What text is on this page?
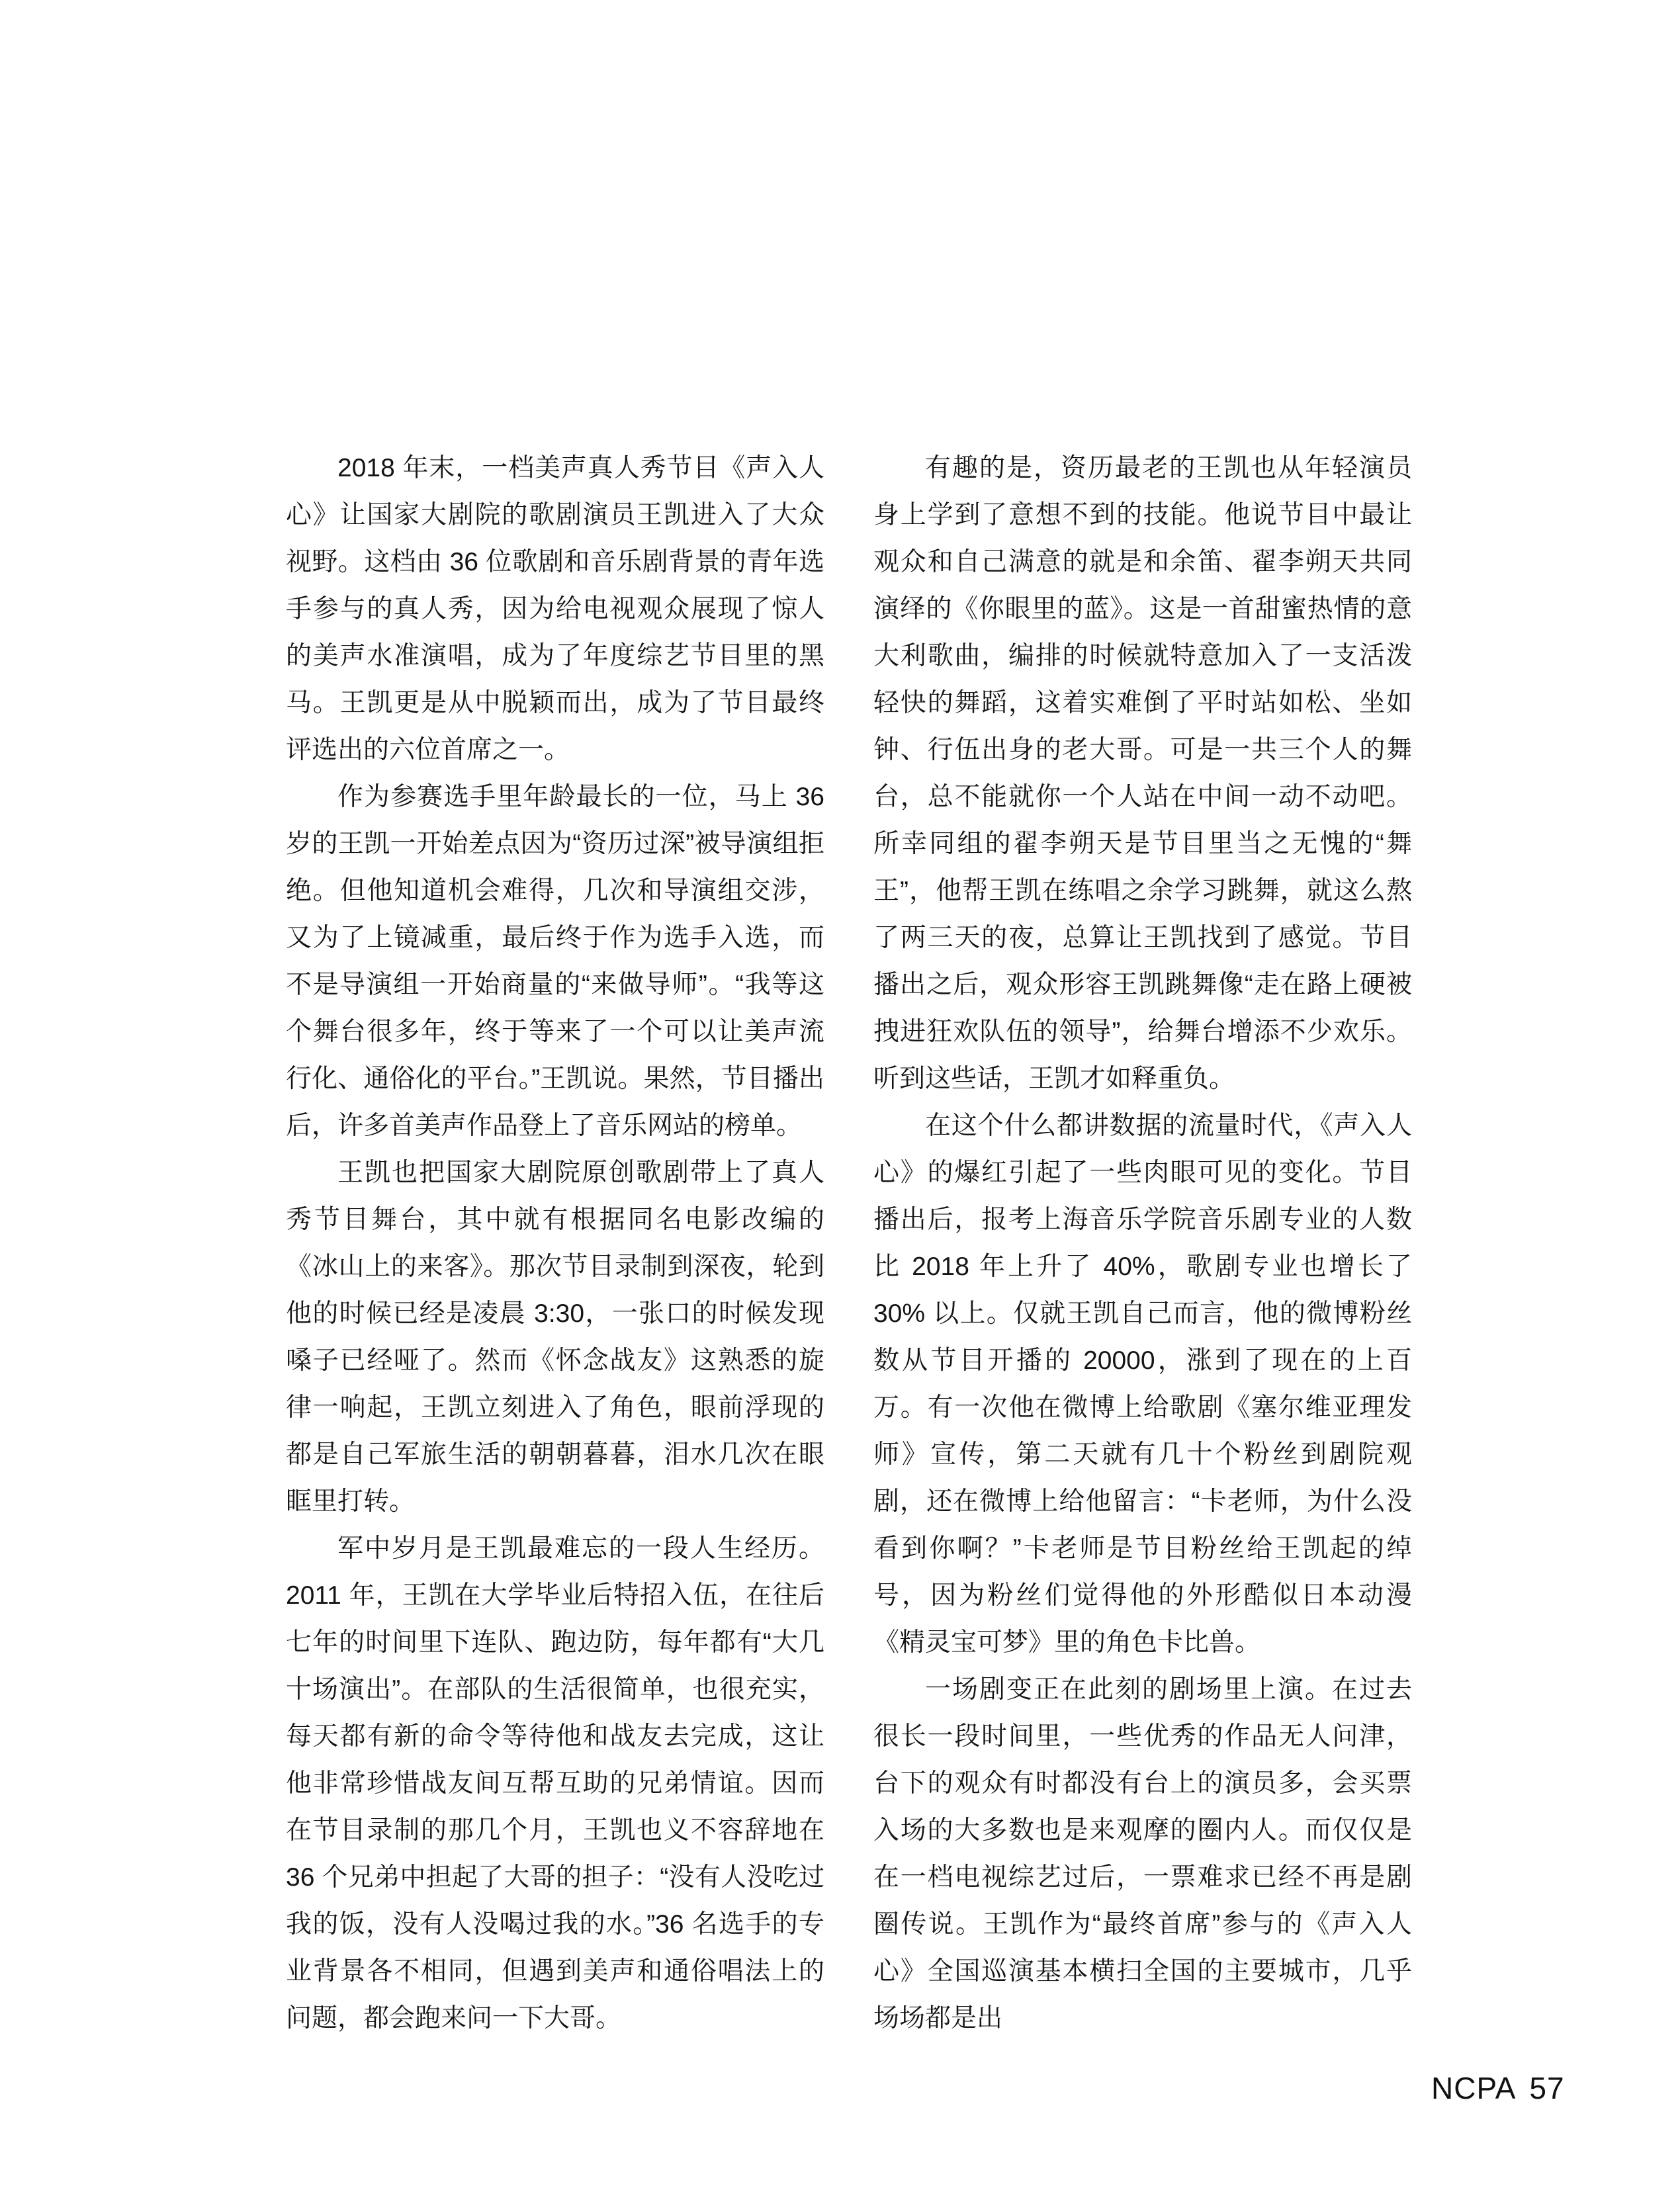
2018 年末，一档美声真人秀节目《声入人心》让国家大剧院的歌剧演员王凯进入了大众视野。这档由 36 位歌剧和音乐剧背景的青年选手参与的真人秀，因为给电视观众展现了惊人的美声水准演唱，成为了年度综艺节目里的黑马。王凯更是从中脱颖而出，成为了节目最终评选出的六位首席之一。

作为参赛选手里年龄最长的一位，马上 36 岁的王凯一开始差点因为“资历过深”被导演组拒绝。但他知道机会难得，几次和导演组交涉，又为了上镜减重，最后终于作为选手入选，而不是导演组一开始商量的“来做导师”。“我等这个舞台很多年，终于等来了一个可以让美声流行化、通俗化的平台。”王凯说。果然，节目播出后，许多首美声作品登上了音乐网站的榜单。

王凯也把国家大剧院原创歌剧带上了真人秀节目舞台，其中就有根据同名电影改编的《冰山上的来客》。那次节目录制到深夜，轮到他的时候已经是凌晨 3:30，一张口的时候发现嗓子已经哑了。然而《怀念战友》这熟悉的旋律一响起，王凯立刻进入了角色，眼前浮现的都是自己军旅生活的朝朝暮暮，泪水几次在眼眶里打转。

军中岁月是王凯最难忘的一段人生经历。2011 年，王凯在大学毕业后特招入伍，在往后七年的时间里下连队、跑边防，每年都有“大几十场演出”。在部队的生活很简单，也很充实，每天都有新的命令等待他和战友去完成，这让他非常珍惜战友间互帮互助的兄弟情谊。因而在节目录制的那几个月，王凯也义不容辞地在 36 个兄弟中担起了大哥的担子：“没有人没吃过我的饭，没有人没喝过我的水。”36 名选手的专业背景各不相同，但遇到美声和通俗唱法上的问题，都会跑来问一下大哥。

有趣的是，资历最老的王凯也从年轻演员身上学到了意想不到的技能。他说节目中最让观众和自己满意的就是和余笛、翟李朔天共同演绎的《你眼里的蓝》。这是一首甜蜜热情的意大利歌曲，编排的时候就特意加入了一支活泼轻快的舞蹈，这着实难倒了平时站如松、坐如钟、行伍出身的老大哥。可是一共三个人的舞台，总不能就你一个人站在中间一动不动吧。所幸同组的翟李朔天是节目里当之无愧的“舞王”，他帮王凯在练唱之余学习跳舞，就这么熬了两三天的夜，总算让王凯找到了感觉。节目播出之后，观众形容王凯跳舞像“走在路上硬被拽进狂欢队伍的领导”，给舞台增添不少欢乐。听到这些话，王凯才如释重负。

在这个什么都讲数据的流量时代，《声入人心》的爆红引起了一些肉眼可见的变化。节目播出后，报考上海音乐学院音乐剧专业的人数比 2018 年上升了 40%，歌剧专业也增长了 30% 以上。仅就王凯自己而言，他的微博粉丝数从节目开播的 20000，涨到了现在的上百万。有一次他在微博上给歌剧《塞尔维亚理发师》宣传，第二天就有几十个粉丝到剧院观剧，还在微博上给他留言：“卡老师，为什么没看到你啊？”卡老师是节目粉丝给王凯起的绰号，因为粉丝们觉得他的外形酷似日本动漫《精灵宝可梦》里的角色卡比兽。

一场剧变正在此刻的剧场里上演。在过去很长一段时间里，一些优秀的作品无人问津，台下的观众有时都没有台上的演员多，会买票入场的大多数也是来观摩的圈内人。而仅仅是在一档电视综艺过后，一票难求已经不再是剧圈传说。王凯作为“最终首席”参与的《声入人心》全国巡演基本横扫全国的主要城市，几乎场场都是出

NCPA 57
